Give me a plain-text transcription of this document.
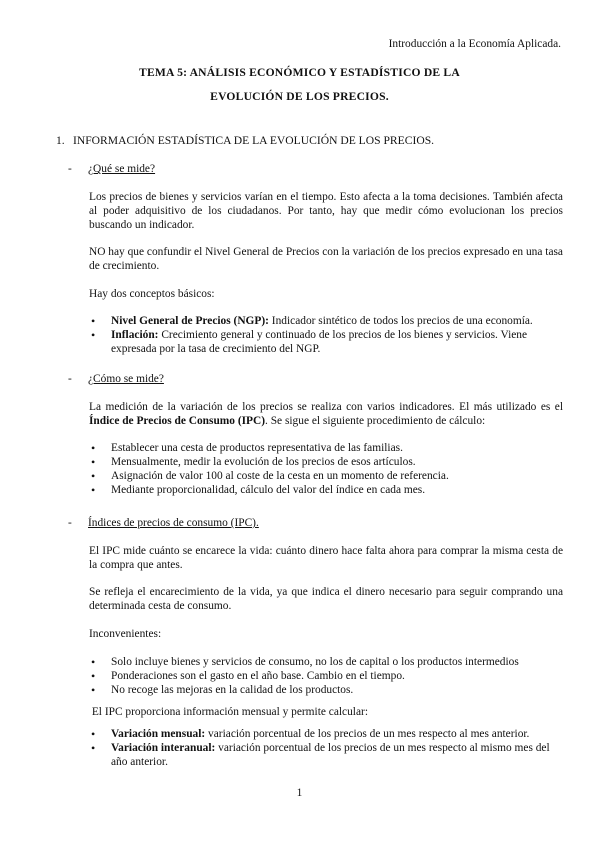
Introducción a la Economía Aplicada.
TEMA 5: ANÁLISIS ECONÓMICO Y ESTADÍSTICO DE LA
EVOLUCIÓN DE LOS PRECIOS.
1. INFORMACIÓN ESTADÍSTICA DE LA EVOLUCIÓN DE LOS PRECIOS.
- ¿Qué se mide?
Los precios de bienes y servicios varían en el tiempo. Esto afecta a la toma decisiones. También afecta al poder adquisitivo de los ciudadanos. Por tanto, hay que medir cómo evolucionan los precios buscando un indicador.
NO hay que confundir el Nivel General de Precios con la variación de los precios expresado en una tasa de crecimiento.
Hay dos conceptos básicos:
• Nivel General de Precios (NGP): Indicador sintético de todos los precios de una economía.
• Inflación: Crecimiento general y continuado de los precios de los bienes y servicios. Viene expresada por la tasa de crecimiento del NGP.
- ¿Cómo se mide?
La medición de la variación de los precios se realiza con varios indicadores. El más utilizado es el Índice de Precios de Consumo (IPC). Se sigue el siguiente procedimiento de cálculo:
• Establecer una cesta de productos representativa de las familias.
• Mensualmente, medir la evolución de los precios de esos artículos.
• Asignación de valor 100 al coste de la cesta en un momento de referencia.
• Mediante proporcionalidad, cálculo del valor del índice en cada mes.
- Índices de precios de consumo (IPC).
El IPC mide cuánto se encarece la vida: cuánto dinero hace falta ahora para comprar la misma cesta de la compra que antes.
Se refleja el encarecimiento de la vida, ya que indica el dinero necesario para seguir comprando una determinada cesta de consumo.
Inconvenientes:
• Solo incluye bienes y servicios de consumo, no los de capital o los productos intermedios
• Ponderaciones son el gasto en el año base. Cambio en el tiempo.
• No recoge las mejoras en la calidad de los productos.
El IPC proporciona información mensual y permite calcular:
• Variación mensual: variación porcentual de los precios de un mes respecto al mes anterior.
• Variación interanual: variación porcentual de los precios de un mes respecto al mismo mes del año anterior.
1
